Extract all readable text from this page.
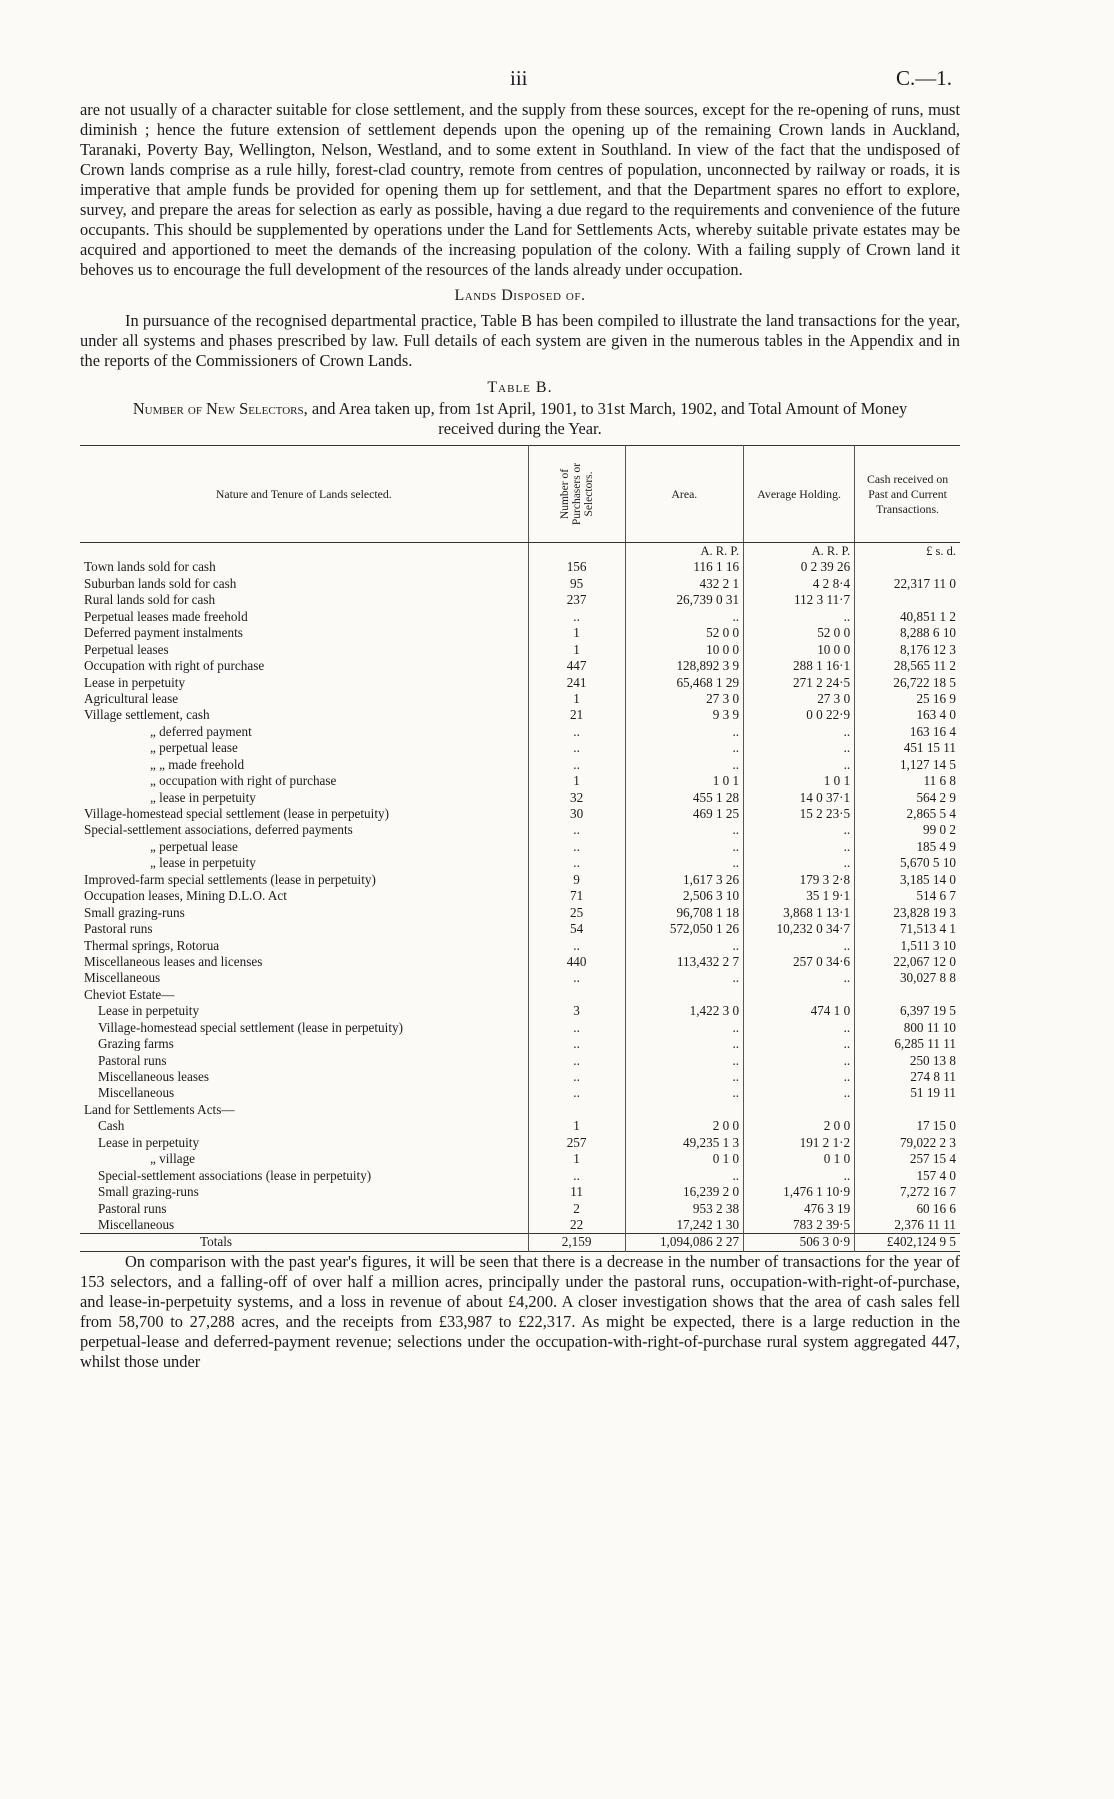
iii	C.—1.

are not usually of a character suitable for close settlement, and the supply from these sources, except for the re-opening of runs, must diminish ; hence the future extension of settlement depends upon the opening up of the remaining Crown lands in Auckland, Taranaki, Poverty Bay, Wellington, Nelson, Westland, and to some extent in Southland. In view of the fact that the undisposed of Crown lands comprise as a rule hilly, forest-clad country, remote from centres of population, unconnected by railway or roads, it is imperative that ample funds be provided for opening them up for settlement, and that the Department spares no effort to explore, survey, and prepare the areas for selection as early as possible, having a due regard to the requirements and convenience of the future occupants. This should be supplemented by operations under the Land for Settlements Acts, whereby suitable private estates may be acquired and apportioned to meet the demands of the increasing population of the colony. With a failing supply of Crown land it behoves us to encourage the full development of the resources of the lands already under occupation.

Lands Disposed of.

In pursuance of the recognised departmental practice, Table B has been compiled to illustrate the land transactions for the year, under all systems and phases prescribed by law. Full details of each system are given in the numerous tables in the Appendix and in the reports of the Commissioners of Crown Lands.

Table B.
Number of New Selectors, and Area taken up, from 1st April, 1901, to 31st March, 1902, and Total Amount of Money received during the Year.
Nature and Tenure of Lands selected.	Number of Purchasers or Selectors.	Area.	Average Holding.	Cash received on Past and Current Transactions.
		A. R. P.	A. R. P.	£ s. d.
Town lands sold for cash	156	116 1 16	0 2 39 26	
Suburban lands sold for cash	95	432 2 1	4 2 8·4	22,317 11 0
Rural lands sold for cash	237	26,739 0 31	112 3 11·7	
Perpetual leases made freehold	..	..	..	40,851 1 2
Deferred payment instalments	1	52 0 0	52 0 0	8,288 6 10
Perpetual leases	1	10 0 0	10 0 0	8,176 12 3
Occupation with right of purchase	447	128,892 3 9	288 1 16·1	28,565 11 2
Lease in perpetuity	241	65,468 1 29	271 2 24·5	26,722 18 5
Agricultural lease	1	27 3 0	27 3 0	25 16 9
Village settlement, cash	21	9 3 9	0 0 22·9	163 4 0
„ deferred payment	..	..	..	163 16 4
„ perpetual lease	..	..	..	451 15 11
„ „ made freehold	..	..	..	1,127 14 5
„ occupation with right of purchase	1	1 0 1	1 0 1	11 6 8
„ lease in perpetuity	32	455 1 28	14 0 37·1	564 2 9
Village-homestead special settlement (lease in perpetuity)	30	469 1 25	15 2 23·5	2,865 5 4
Special-settlement associations, deferred payments	..	..	..	99 0 2
„ perpetual lease	..	..	..	185 4 9
„ lease in perpetuity	..	..	..	5,670 5 10
Improved-farm special settlements (lease in perpetuity)	9	1,617 3 26	179 3 2·8	3,185 14 0
Occupation leases, Mining D.L.O. Act	71	2,506 3 10	35 1 9·1	514 6 7
Small grazing-runs	25	96,708 1 18	3,868 1 13·1	23,828 19 3
Pastoral runs	54	572,050 1 26	10,232 0 34·7	71,513 4 1
Thermal springs, Rotorua	..	..	..	1,511 3 10
Miscellaneous leases and licenses	440	113,432 2 7	257 0 34·6	22,067 12 0
Miscellaneous	..	..	..	30,027 8 8
Cheviot Estate—				
Lease in perpetuity	3	1,422 3 0	474 1 0	6,397 19 5
Village-homestead special settlement (lease in perpetuity)	..	..	..	800 11 10
Grazing farms	..	..	..	6,285 11 11
Pastoral runs	..	..	..	250 13 8
Miscellaneous leases	..	..	..	274 8 11
Miscellaneous	..	..	..	51 19 11
Land for Settlements Acts—				
Cash	1	2 0 0	2 0 0	17 15 0
Lease in perpetuity	257	49,235 1 3	191 2 1·2	79,022 2 3
„ village	1	0 1 0	0 1 0	257 15 4
Special-settlement associations (lease in perpetuity)	..	..	..	157 4 0
Small grazing-runs	11	16,239 2 0	1,476 1 10·9	7,272 16 7
Pastoral runs	2	953 2 38	476 3 19	60 16 6
Miscellaneous	22	17,242 1 30	783 2 39·5	2,376 11 11
Totals	2,159	1,094,086 2 27	506 3 0·9	£402,124 9 5

On comparison with the past year's figures, it will be seen that there is a decrease in the number of transactions for the year of 153 selectors, and a falling-off of over half a million acres, principally under the pastoral runs, occupation-with-right-of-purchase, and lease-in-perpetuity systems, and a loss in revenue of about £4,200. A closer investigation shows that the area of cash sales fell from 58,700 to 27,288 acres, and the receipts from £33,987 to £22,317. As might be expected, there is a large reduction in the perpetual-lease and deferred-payment revenue; selections under the occupation-with-right-of-purchase rural system aggregated 447, whilst those under
